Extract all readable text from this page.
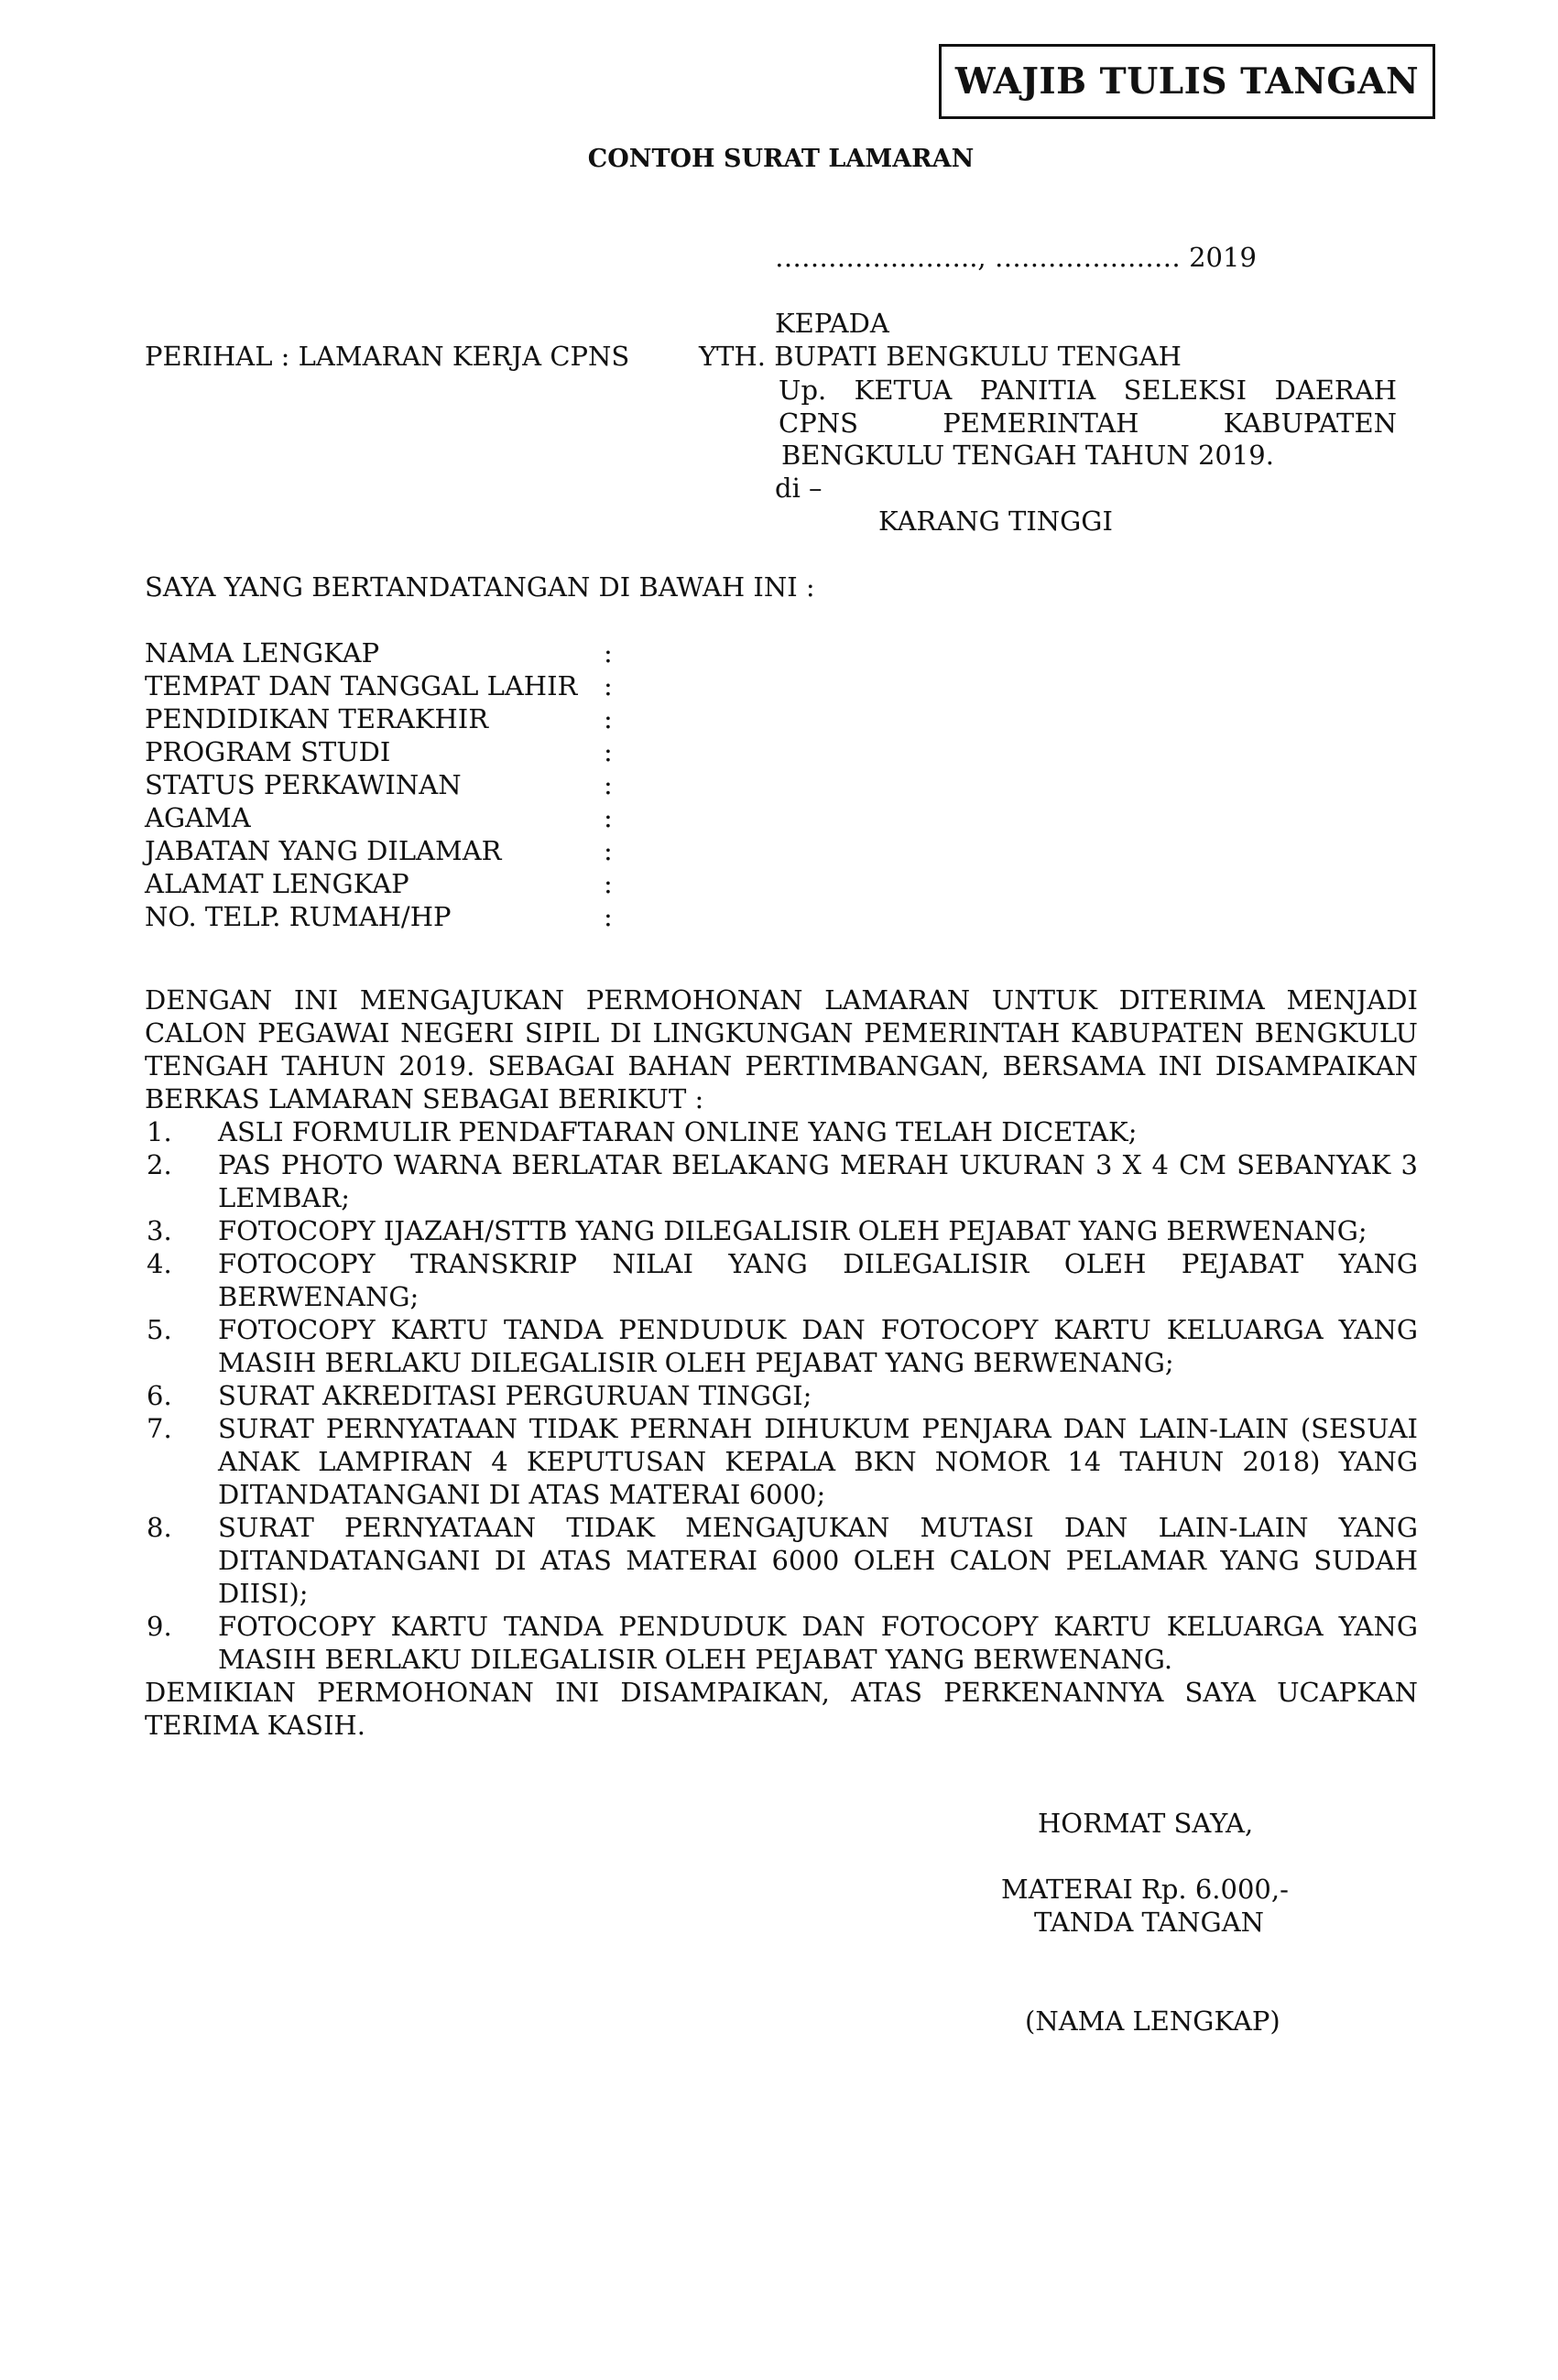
WAJIB TULIS TANGAN
CONTOH SURAT LAMARAN
………………….., ………………… 2019
KEPADA
PERIHAL : LAMARAN KERJA CPNS	YTH. BUPATI BENGKULU TENGAH
Up. KETUA PANITIA SELEKSI DAERAH
CPNS PEMERINTAH KABUPATEN
BENGKULU TENGAH TAHUN 2019.
di –
KARANG TINGGI
SAYA YANG BERTANDATANGAN DI BAWAH INI :
NAMA LENGKAP	:
TEMPAT DAN TANGGAL LAHIR :
PENDIDIKAN TERAKHIR	:
PROGRAM STUDI	:
STATUS PERKAWINAN	:
AGAMA	:
JABATAN YANG DILAMAR	:
ALAMAT LENGKAP	:
NO. TELP. RUMAH/HP	:
DENGAN INI MENGAJUKAN PERMOHONAN LAMARAN UNTUK DITERIMA MENJADI
CALON PEGAWAI NEGERI SIPIL DI LINGKUNGAN PEMERINTAH KABUPATEN BENGKULU
TENGAH TAHUN 2019. SEBAGAI BAHAN PERTIMBANGAN, BERSAMA INI DISAMPAIKAN
BERKAS LAMARAN SEBAGAI BERIKUT :
1. ASLI FORMULIR PENDAFTARAN ONLINE YANG TELAH DICETAK;
2. PAS PHOTO WARNA BERLATAR BELAKANG MERAH UKURAN 3 X 4 CM SEBANYAK 3
LEMBAR;
3. FOTOCOPY IJAZAH/STTB YANG DILEGALISIR OLEH PEJABAT YANG BERWENANG;
4. FOTOCOPY TRANSKRIP NILAI YANG DILEGALISIR OLEH PEJABAT YANG
BERWENANG;
5. FOTOCOPY KARTU TANDA PENDUDUK DAN FOTOCOPY KARTU KELUARGA YANG
MASIH BERLAKU DILEGALISIR OLEH PEJABAT YANG BERWENANG;
6. SURAT AKREDITASI PERGURUAN TINGGI;
7. SURAT PERNYATAAN TIDAK PERNAH DIHUKUM PENJARA DAN LAIN-LAIN (SESUAI
ANAK LAMPIRAN 4 KEPUTUSAN KEPALA BKN NOMOR 14 TAHUN 2018) YANG
DITANDATANGANI DI ATAS MATERAI 6000;
8. SURAT PERNYATAAN TIDAK MENGAJUKAN MUTASI DAN LAIN-LAIN YANG
DITANDATANGANI DI ATAS MATERAI 6000 OLEH CALON PELAMAR YANG SUDAH
DIISI);
9. FOTOCOPY KARTU TANDA PENDUDUK DAN FOTOCOPY KARTU KELUARGA YANG
MASIH BERLAKU DILEGALISIR OLEH PEJABAT YANG BERWENANG.
DEMIKIAN PERMOHONAN INI DISAMPAIKAN, ATAS PERKENANNYA SAYA UCAPKAN
TERIMA KASIH.
HORMAT SAYA,
MATERAI Rp. 6.000,-
TANDA TANGAN
(NAMA LENGKAP)
